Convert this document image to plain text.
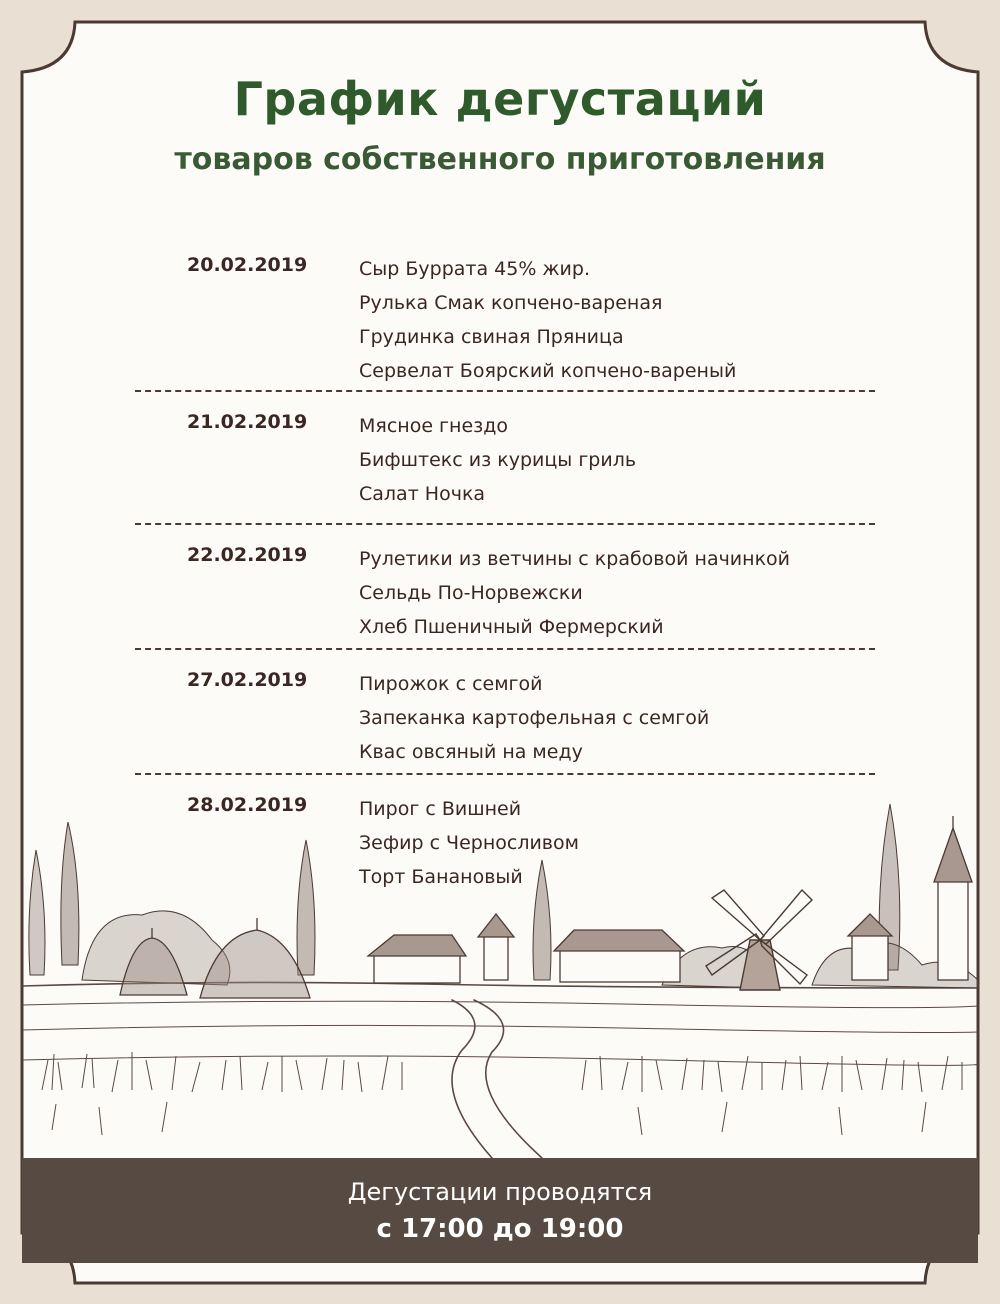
График дегустаций
товаров собственного приготовления
20.02.2019	Сыр Буррата 45% жир.
Рулька Смак копчено-вареная
Грудинка свиная Пряница
Сервелат Боярский копчено-вареный
21.02.2019	Мясное гнездо
Бифштекс из курицы гриль
Салат Ночка
22.02.2019	Рулетики из ветчины с крабовой начинкой
Сельдь По-Норвежски
Хлеб Пшеничный Фермерский
27.02.2019	Пирожок с семгой
Запеканка картофельная с семгой
Квас овсяный на меду
28.02.2019	Пирог с Вишней
Зефир с Черносливом
Торт Банановый
Дегустации проводятся
с 17:00 до 19:00
